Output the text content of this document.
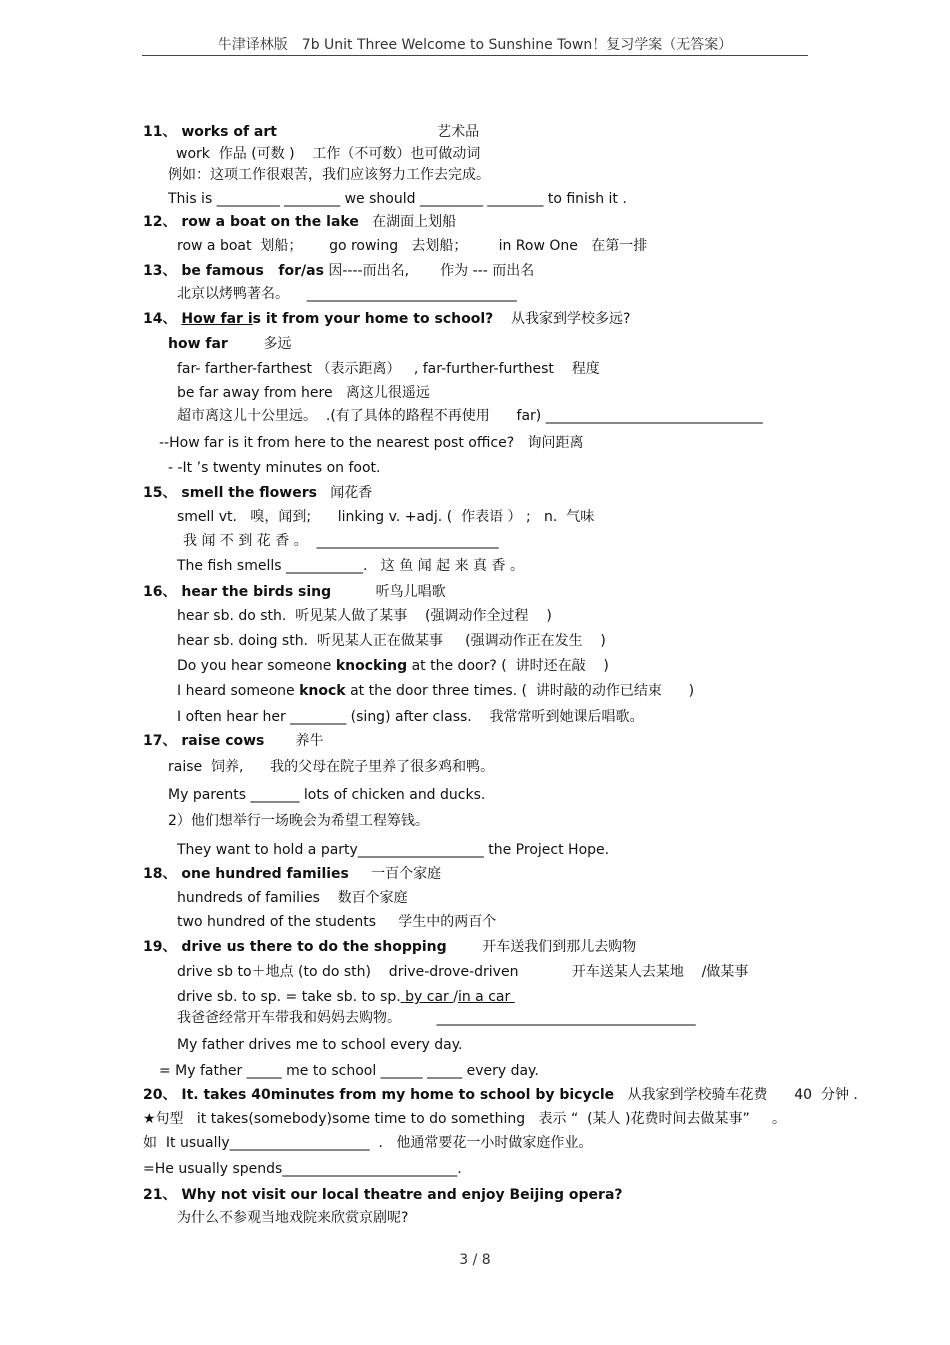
牛津译林版　7b Unit Three Welcome to Sunshine Town！复习学案（无答案）
11、 works of art                                    艺术品
work  作品 (可数 )    工作（不可数）也可做动词
例如：这项工作很艰苦，我们应该努力工作去完成。
This is _________ ________ we should _________ ________ to finish it .
12、 row a boat on the lake   在湖面上划船
row a boat  划船；      go rowing   去划船；       in Row One   在第一排
13、 be famous   for/as 因----而出名,       作为 --- 而出名
北京以烤鸭著名。    ______________________________
14、 How far is it from your home to school?    从我家到学校多远?
how far        多远
far- farther-farthest （表示距离）   , far-further-furthest    程度
be far away from here   离这儿很遥远
超市离这儿十公里远。  .(有了具体的路程不再使用      far) _______________________________
--How far is it from here to the nearest post office?   询问距离
- -It ’s twenty minutes on foot.
15、 smell the flowers   闻花香
smell vt.   嗅，闻到;      linking v. +adj. (  作表语 ） ;   n.  气味
我 闻 不 到 花 香 。  __________________________
The fish smells ___________.   这 鱼 闻 起 来 真 香 。
16、 hear the birds sing          听鸟儿唱歌
hear sb. do sth.  听见某人做了某事    (强调动作全过程    )
hear sb. doing sth.  听见某人正在做某事     (强调动作正在发生    )
Do you hear someone knocking at the door? (  讲时还在敲    )
I heard someone knock at the door three times. (  讲时敲的动作已结束      )
I often hear her ________ (sing) after class.    我常常听到她课后唱歌。
17、 raise cows       养牛
raise  饲养,      我的父母在院子里养了很多鸡和鸭。
My parents _______ lots of chicken and ducks.
2）他们想举行一场晚会为希望工程筹钱。
They want to hold a party__________________ the Project Hope.
18、 one hundred families     一百个家庭
hundreds of families    数百个家庭
two hundred of the students     学生中的两百个
19、 drive us there to do the shopping        开车送我们到那儿去购物
drive sb to＋地点 (to do sth)    drive-drove-driven            开车送某人去某地    /做某事
drive sb. to sp. = take sb. to sp. by car /in a car
我爸爸经常开车带我和妈妈去购物。        _____________________________________
My father drives me to school every day.
= My father _____ me to school ______ _____ every day.
20、 It. takes 40minutes from my home to school by bicycle   从我家到学校骑车花费      40  分钟 .
★句型   it takes(somebody)some time to do something   表示 “  (某人 )花费时间去做某事”     。
如  It usually____________________  .   他通常要花一小时做家庭作业。
=He usually spends_________________________.
21、 Why not visit our local theatre and enjoy Beijing opera?
为什么不参观当地戏院来欣赏京剧呢?
3 / 8
